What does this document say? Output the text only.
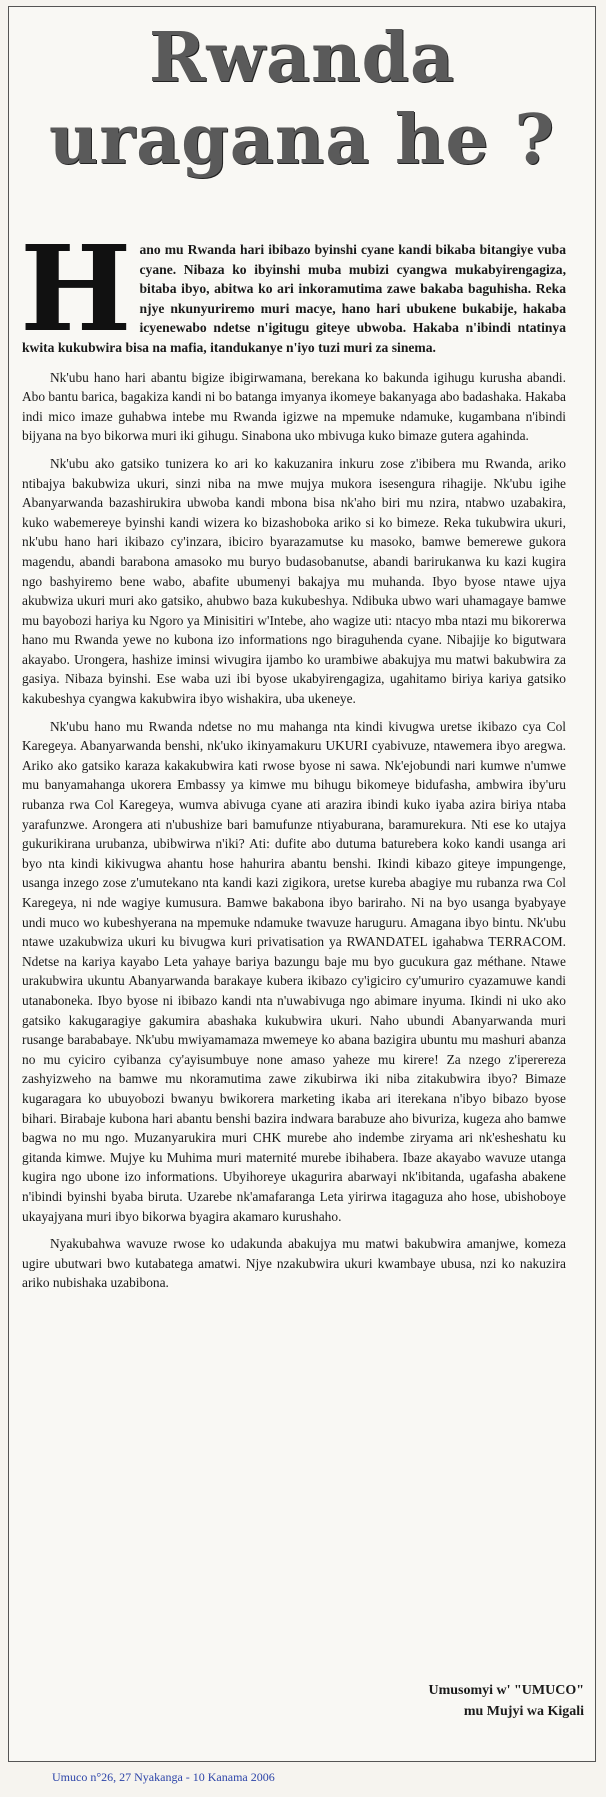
Rwanda
uragana he ?

Hano mu Rwanda hari ibibazo byinshi cyane kandi bikaba bitangiye vuba cyane. Nibaza ko ibyinshi muba mubizi cyangwa mukabyirengagiza, bitaba ibyo, abitwa ko ari inkoramutima zawe bakaba baguhisha. Reka njye nkunyuriremo muri macye, hano hari ubukene bukabije, hakaba icyenewabo ndetse n'igitugu giteye ubwoba. Hakaba n'ibindi ntatinya kwita kukubwira bisa na mafia, itandukanye n'iyo tuzi muri za sinema.

Nk'ubu hano hari abantu bigize ibigirwamana, berekana ko bakunda igihugu kurusha abandi. Abo bantu barica, bagakiza kandi ni bo batanga imyanya ikomeye bakanyaga abo badashaka. Hakaba indi mico imaze guhabwa intebe mu Rwanda igizwe na mpemuke ndamuke, kugambana n'ibindi bijyana na byo bikorwa muri iki gihugu. Sinabona uko mbivuga kuko bimaze gutera agahinda.

Nk'ubu ako gatsiko tunizera ko ari ko kakuzanira inkuru zose z'ibibera mu Rwanda, ariko ntibajya bakubwiza ukuri, sinzi niba na mwe mujya mukora isesengura rihagije. Nk'ubu igihe Abanyarwanda bazashirukira ubwoba kandi mbona bisa nk'aho biri mu nzira, ntabwo uzabakira, kuko wabemereye byinshi kandi wizera ko bizashoboka ariko si ko bimeze. Reka tukubwira ukuri, nk'ubu hano hari ikibazo cy'inzara, ibiciro byarazamutse ku masoko, bamwe bemerewe gukora magendu, abandi barabona amasoko mu buryo budasobanutse, abandi barirukanwa ku kazi kugira ngo bashyiremo bene wabo, abafite ubumenyi bakajya mu muhanda. Ibyo byose ntawe ujya akubwiza ukuri muri ako gatsiko, ahubwo baza kukubeshya. Ndibuka ubwo wari uhamagaye bamwe mu bayobozi hariya ku Ngoro ya Minisitiri w'Intebe, aho wagize uti: ntacyo mba ntazi mu bikorerwa hano mu Rwanda yewe no kubona izo informations ngo biraguhenda cyane. Nibajije ko bigutwara akayabo. Urongera, hashize iminsi wivugira ijambo ko urambiwe abakujya mu matwi bakubwira za gasiya. Nibaza byinshi. Ese waba uzi ibi byose ukabyirengagiza, ugahitamo biriya kariya gatsiko kakubeshya cyangwa kakubwira ibyo wishakira, uba ukeneye.

Nk'ubu hano mu Rwanda ndetse no mu mahanga nta kindi kivugwa uretse ikibazo cya Col Karegeya. Abanyarwanda benshi, nk'uko ikinyamakuru UKURI cyabivuze, ntawemera ibyo aregwa. Ariko ako gatsiko karaza kakakubwira kati rwose byose ni sawa. Nk'ejobundi nari kumwe n'umwe mu banyamahanga ukorera Embassy ya kimwe mu bihugu bikomeye bidufasha, ambwira iby'uru rubanza rwa Col Karegeya, wumva abivuga cyane ati arazira ibindi kuko iyaba azira biriya ntaba yarafunzwe. Arongera ati n'ubushize bari bamufunze ntiyaburana, baramurekura. Nti ese ko utajya gukurikirana urubanza, ubibwirwa n'iki? Ati: dufite abo dutuma baturebera koko kandi usanga ari byo nta kindi kikivugwa ahantu hose hahurira abantu benshi. Ikindi kibazo giteye impungenge, usanga inzego zose z'umutekano nta kandi kazi zigikora, uretse kureba abagiye mu rubanza rwa Col Karegeya, ni nde wagiye kumusura. Bamwe bakabona ibyo bariraho. Ni na byo usanga byabyaye undi muco wo kubeshyerana na mpemuke ndamuke twavuze haruguru. Amagana ibyo bintu. Nk'ubu ntawe uzakubwiza ukuri ku bivugwa kuri privatisation ya RWANDATEL igahabwa TERRACOM. Ndetse na kariya kayabo Leta yahaye bariya bazungu baje mu byo gucukura gaz méthane. Ntawe urakubwira ukuntu Abanyarwanda barakaye kubera ikibazo cy'igiciro cy'umuriro cyazamuwe kandi utanaboneka. Ibyo byose ni ibibazo kandi nta n'uwabivuga ngo abimare inyuma. Ikindi ni uko ako gatsiko kakugaragiye gakumira abashaka kukubwira ukuri. Naho ubundi Abanyarwanda muri rusange barababaye. Nk'ubu mwiyamamaza mwemeye ko abana bazigira ubuntu mu mashuri abanza no mu cyiciro cyibanza cy'ayisumbuye none amaso yaheze mu kirere! Za nzego z'iperereza zashyizweho na bamwe mu nkoramutima zawe zikubirwa iki niba zitakubwira ibyo? Bimaze kugaragara ko ubuyobozi bwanyu bwikorera marketing ikaba ari iterekana n'ibyo bibazo byose bihari. Birabaje kubona hari abantu benshi bazira indwara barabuze aho bivuriza, kugeza aho bamwe bagwa no mu ngo. Muzanyarukira muri CHK murebe aho indembe ziryama ari nk'esheshatu ku gitanda kimwe. Mujye ku Muhima muri maternité murebe ibihabera. Ibaze akayabo wavuze utanga kugira ngo ubone izo informations. Ubyihoreye ukagurira abarwayi nk'ibitanda, ugafasha abakene n'ibindi byinshi byaba biruta. Uzarebe nk'amafaranga Leta yirirwa itagaguza aho hose, ubishoboye ukayajyana muri ibyo bikorwa byagira akamaro kurushaho.

Nyakubahwa wavuze rwose ko udakunda abakujya mu matwi bakubwira amanjwe, komeza ugire ubutwari bwo kutabatega amatwi. Njye nzakubwira ukuri kwambaye ubusa, nzi ko nakuzira ariko nubishaka uzabibona.

Umusomyi w' "UMUCO"
mu Mujyi wa Kigali
Umuco n°26, 27 Nyakanga - 10 Kanama 2006
